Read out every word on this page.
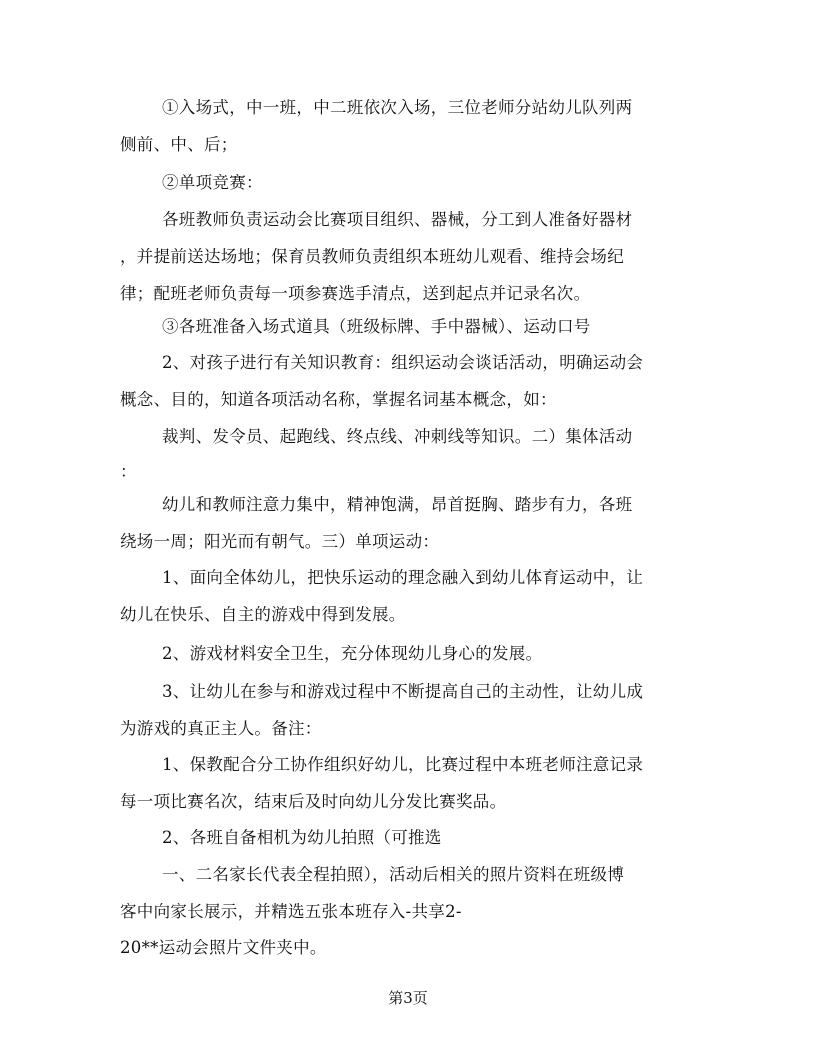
①入场式，中一班，中二班依次入场，三位老师分站幼儿队列两
侧前、中、后；
②单项竞赛：
各班教师负责运动会比赛项目组织、器械，分工到人准备好器材
，并提前送达场地；保育员教师负责组织本班幼儿观看、维持会场纪
律；配班老师负责每一项参赛选手清点，送到起点并记录名次。
③各班准备入场式道具（班级标牌、手中器械）、运动口号
2、对孩子进行有关知识教育：组织运动会谈话活动，明确运动会
概念、目的，知道各项活动名称，掌握名词基本概念，如：
裁判、发令员、起跑线、终点线、冲刺线等知识。二）集体活动
：
幼儿和教师注意力集中，精神饱满，昂首挺胸、踏步有力，各班
绕场一周；阳光而有朝气。三）单项运动：
1、面向全体幼儿，把快乐运动的理念融入到幼儿体育运动中，让
幼儿在快乐、自主的游戏中得到发展。
2、游戏材料安全卫生，充分体现幼儿身心的发展。
3、让幼儿在参与和游戏过程中不断提高自己的主动性，让幼儿成
为游戏的真正主人。备注：
1、保教配合分工协作组织好幼儿，比赛过程中本班老师注意记录
每一项比赛名次，结束后及时向幼儿分发比赛奖品。
2、各班自备相机为幼儿拍照（可推选
一、二名家长代表全程拍照），活动后相关的照片资料在班级博
客中向家长展示，并精选五张本班存入-共享2-
20**运动会照片文件夹中。
第3页
